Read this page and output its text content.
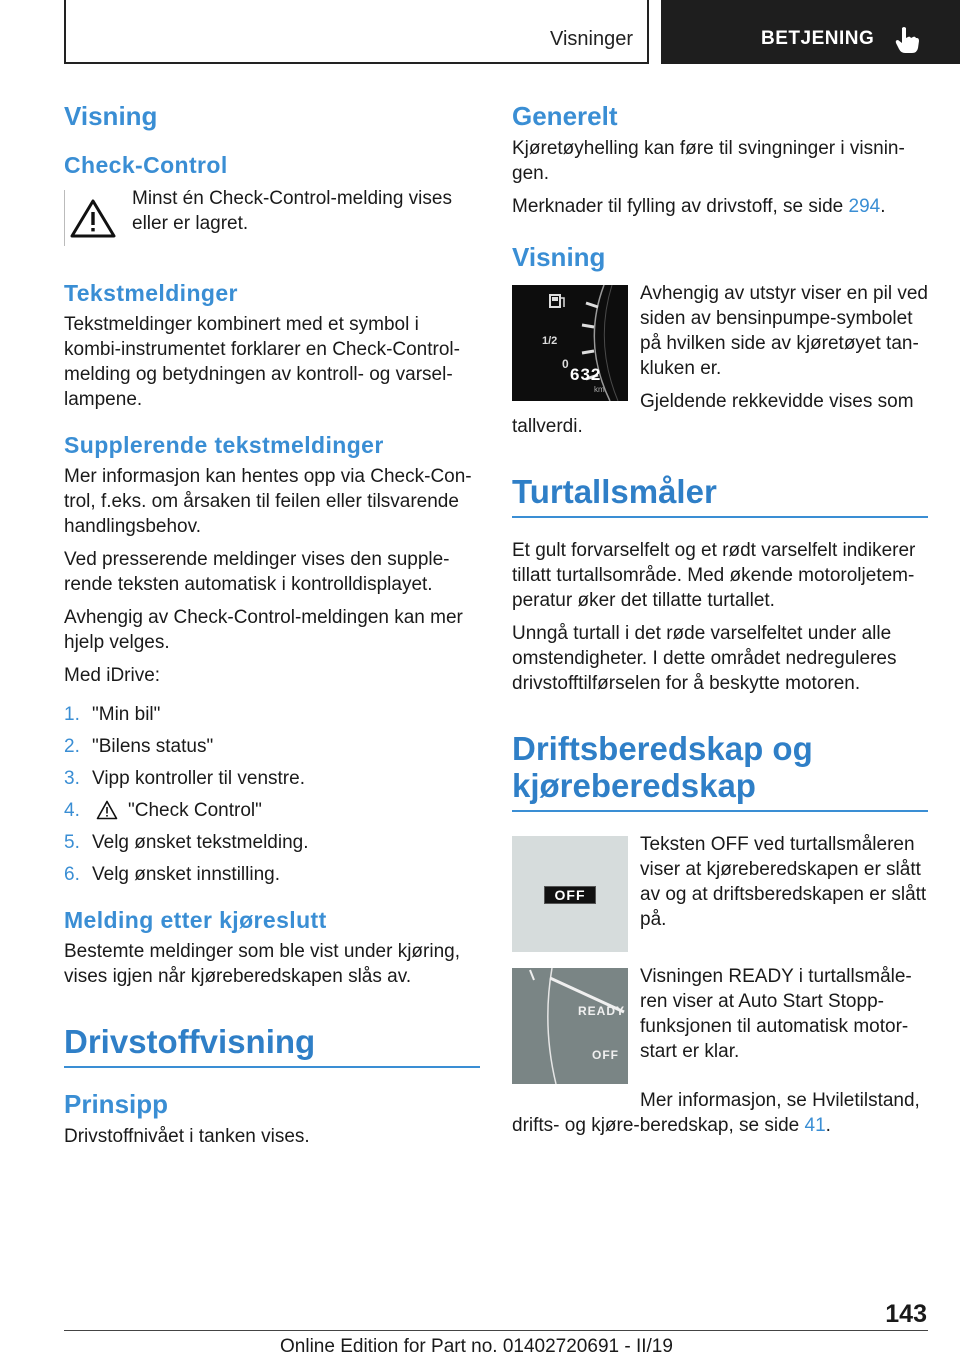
Visninger	BETJENING
Visning
Check-Control

Minst én Check-Control-melding vises eller er lagret.

Tekstmeldinger

Tekstmeldinger kombinert med et symbol i kombi-instrumentet forklarer en Check-Control-melding og betydningen av kontroll- og varsel-lampene.

Supplerende tekstmeldinger

Mer informasjon kan hentes opp via Check-Con-trol, f.eks. om årsaken til feilen eller tilsvarende handlingsbehov.

Ved presserende meldinger vises den supple-rende teksten automatisk i kontrolldisplayet.

Avhengig av Check-Control-meldingen kan mer hjelp velges.

Med iDrive:

1. "Min bil"
2. "Bilens status"
3. Vipp kontroller til venstre.
4.	"Check Control"
5. Velg ønsket tekstmelding.
6. Velg ønsket innstilling.
Melding etter kjøreslutt

Bestemte meldinger som ble vist under kjøring, vises igjen når kjøreberedskapen slås av.

Drivstoffvisning
Prinsipp

Drivstoffnivået i tanken vises.

Generelt

Kjøretøyhelling kan føre til svingninger i visnin-gen.

Merknader til fylling av drivstoff, se side 294.

Visning
1/2
0
632
km

Avhengig av utstyr viser en pil ved siden av bensinpumpe-symbolet på hvilken side av kjøretøyet tan-kluken er.

Gjeldende rekkevidde vises som tallverdi.

Turtallsmåler

Et gult forvarselfelt og et rødt varselfelt indikerer tillatt turtallsområde. Med økende motoroljetem-peratur øker det tillatte turtallet.

Unngå turtall i det røde varselfeltet under alle omstendigheter. I dette området nedreguleres drivstofftilførselen for å beskytte motoren.

Driftsberedskap og kjøreberedskap
OFF

Teksten OFF ved turtallsmåleren viser at kjøreberedskapen er slått av og at driftsberedskapen er slått på.

READY
OFF

Visningen READY i turtallsmåle-ren viser at Auto Start Stopp-funksjonen til automatisk motor-start er klar.

Mer informasjon, se Hviletilstand, drifts- og kjøre-beredskap, se side 41.

143
Online Edition for Part no. 01402720691 - II/19
